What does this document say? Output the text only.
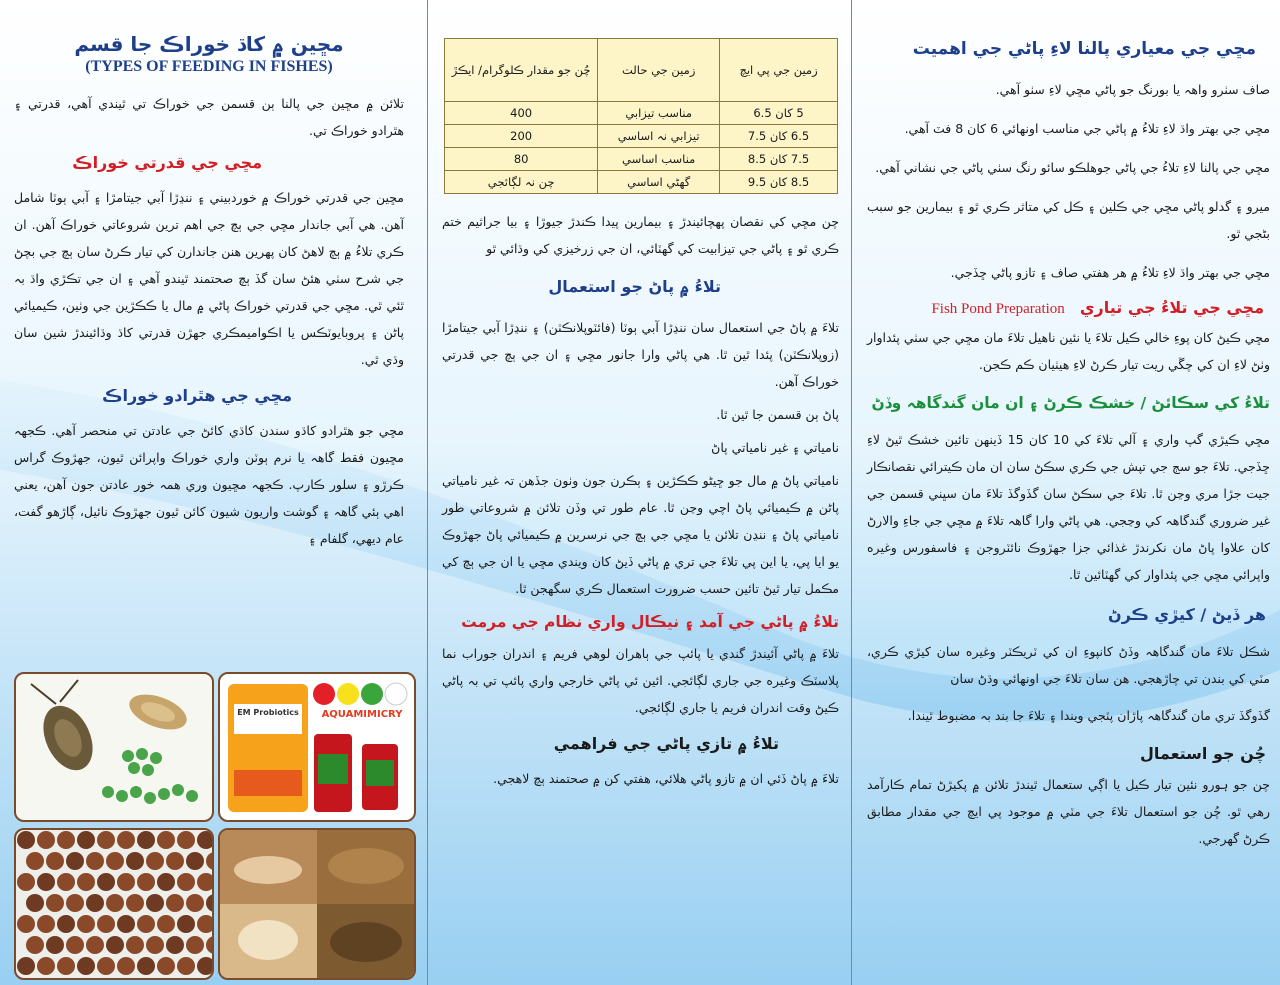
مڇين ۾ کاڌ خوراڪ جا قسم
(TYPES OF FEEDING IN FISHES)

تلائن ۾ مڇين جي پالنا ٻن قسمن جي خوراڪ تي ٿيندي آهي، قدرتي ۽ هٿرادو خوراڪ تي.

مڇي جي قدرتي خوراڪ

مڇين جي قدرتي خوراڪ ۾ خوردبيني ۽ ننڍڙا آبي جيتامڙا ۽ آبي ٻوٽا شامل آهن. هي آبي جاندار مڇي جي ٻچ جي اهم ترين شروعاتي خوراڪ آهن. ان ڪري تلاءُ ۾ ٻچ لاهڻ کان پهرين هنن جاندارن کي تيار ڪرڻ سان ٻچ جي بچڻ جي شرح سٺي هئڻ سان گڏ ٻچ صحتمند ٿيندو آهي ۽ ان جي تڪڙي واڌ بہ ٿئي ٿي. مڇي جي قدرتي خوراڪ پاڻي ۾ مال يا ڪڪڙين جي وٺين، ڪيميائي پاڻن ۽ پروبايوٽڪس يا اڪواميمڪري جهڙن قدرتي کاڌ وڌائيندڙ شين سان وڌي ٿي.

مڇي جي هٿرادو خوراڪ

مڇي جو هٿرادو کاڌو سندن کاڌي کائڻ جي عادتن تي منحصر آهي. ڪجهہ مڇيون فقط گاهہ يا نرم ٻوٽن واري خوراڪ واپرائن ٿيون، جهڙوڪ گراس ڪرڙو ۽ سلور ڪارپ. ڪجهہ مڇيون وري همہ خور عادتن جون آهن، يعني اهي ٻئي گاهہ ۽ گوشت واريون شيون کائن ٿيون جهڙوڪ نائيل، ڳاڙهو گفت، عام ديهي، گلفام ۽

EM Probiotics	AQUAMIMICRY
زمين جي پي ايچ	زمين جي حالت	چُن جو مقدار ڪلوگرام/ ايڪڙ
5 کان 6.5	مناسب تيزابي	400
6.5 کان 7.5	تيزابي نہ اساسي	200
7.5 کان 8.5	مناسب اساسي	80
8.5 کان 9.5	گهڻي اساسي	چن نہ لڳائجي

چن مڇي کي نقصان پهچائيندڙ ۽ بيمارين پيدا ڪندڙ جيوڙا ۽ بيا جراثيم ختم ڪري ٿو ۽ پاڻي جي تيزابيت کي گهٽائي، ان جي زرخيزي کي وڌائي ٿو

تلاءُ ۾ پاڻ جو استعمال

تلاءَ ۾ پاڻ جي استعمال سان ننڍڙا آبي ٻوٽا (فائٽوپلانڪٽن) ۽ ننڍڙا آبي جيتامڙا (زوپلانڪٽن) پئدا ٿين ٿا. هي پاڻي وارا جانور مڇي ۽ ان جي ٻچ جي قدرتي خوراڪ آهن.

پاڻ ٻن قسمن جا ٿين ٿا.

نامياتي ۽ غير نامياتي پاڻ

نامياتي پاڻ ۾ مال جو ڇيڻو ڪڪڙين ۽ ٻڪرن جون وٺون جڏهن تہ غير نامياتي پاڻن ۾ ڪيميائي پاڻ اچي وڃن ٿا. عام طور تي وڏن تلائن ۾ شروعاتي طور نامياتي پاڻ ۽ ننڍن تلائن يا مڇي جي ٻچ جي نرسرين ۾ ڪيميائي پاڻ جهڙوڪ يو ايا پي، يا اين پي تلاءَ جي تري ۾ پاڻي ڏيڻ کان ويندي مڇي يا ان جي ٻچ کي مڪمل تيار ٿيڻ تائين حسب ضرورت استعمال ڪري سگهجن ٿا.

تلاءُ ۾ پاڻي جي آمد ۽ نيڪال واري نظام جي مرمت

تلاءَ ۾ پاڻي آئيندڙ گندي يا پائپ جي ٻاهران لوهي فريم ۽ اندران جوراب نما پلاسٽڪ وغيره جي جاري لڳائجي. ائين ئي پاڻي خارجي واري پائپ تي بہ پاڻي ڪيڻ وقت اندران فريم يا جاري لڳائجي.

تلاءُ ۾ تازي پاڻي جي فراهمي

تلاءَ ۾ پاڻ ڏئي ان ۾ تازو پاڻي هلائي، هفتي کن ۾ صحتمند ٻچ لاهجي.

مڇي جي معياري پالنا لاءِ پاڻي جي اهميت

صاف سٺرو واهہ يا بورنگ جو پاڻي مڇي لاءِ سٺو آهي.

مڇي جي بهتر واڌ لاءِ تلاءُ ۾ پاڻي جي مناسب اونهائي 6 کان 8 فٽ آهي.

مڇي جي پالنا لاءِ تلاءُ جي پاڻي جوهلڪو سائو رنگ سٺي پاڻي جي نشاني آهي.

ميرو ۽ گدلو پاڻي مڇي جي ڪلين ۽ ڪل کي متاثر ڪري ٿو ۽ بيمارين جو سبب بڻجي ٿو.

مڇي جي بهتر واڌ لاءِ تلاءُ ۾ هر هفتي صاف ۽ تازو پاڻي ڇڏجي.

مڇي جي تلاءُ جي تياري Fish Pond Preparation

مڇي ڪيڻ کان پوءِ خالي ڪيل تلاءَ يا نئين ناهيل تلاءَ مان مڇي جي سٺي پئداوار وٺڻ لاءِ ان کي چڱي ريت تيار ڪرڻ لاءِ هيٺيان ڪم ڪجن.

تلاءُ کي سڪائڻ / خشڪ ڪرڻ ۽ ان مان گندگاهہ وڏڻ

مڇي ڪيڙي گپ واري ۽ آلي تلاءَ کي 10 کان 15 ڏينهن تائين خشڪ ٿيڻ لاءِ ڇڏجي. تلاءَ جو سڄ جي تپش جي ڪري سڪڻ سان ان مان ڪيترائي نقصانڪار جيت جڙا مري وڃن ٿا. تلاءَ جي سڪڻ سان گڏوگڏ تلاءَ مان سڀني قسمن جي غير ضروري گندگاهہ کي وڃجي. هي پاڻي وارا گاهہ تلاءَ ۾ مڇي جي جاءِ والارڻ کان علاوا پاڻ مان نکرندڙ غذائي جزا جهڙوڪ نائٽروجن ۽ فاسفورس وغيره واپرائي مڇي جي پئداوار کي گهٽائين ٿا.

هر ڏيڻ / کيڙي ڪرڻ

شڪل تلاءَ مان گندگاهہ وڏڻ کانپوءِ ان کي ٽريڪٽر وغيره سان کيڙي ڪري، مٽي کي بندن تي چاڙهجي. هن سان تلاءَ جي اونهائي وڌڻ سان

گڏوگڏ تري مان گندگاهہ پاڙان پٽجي ويندا ۽ تلاءَ جا بند بہ مضبوط ٿيندا.

چُن جو استعمال

چن جو ہورو نئين تيار ڪيل يا اڳي ستعمال ٿيندڙ تلائن ۾ پکيڙڻ تمام ڪارآمد رهي ٿو. چُن جو استعمال تلاءَ جي مٽي ۾ موجود پي ايچ جي مقدار مطابق ڪرڻ گهرجي.
